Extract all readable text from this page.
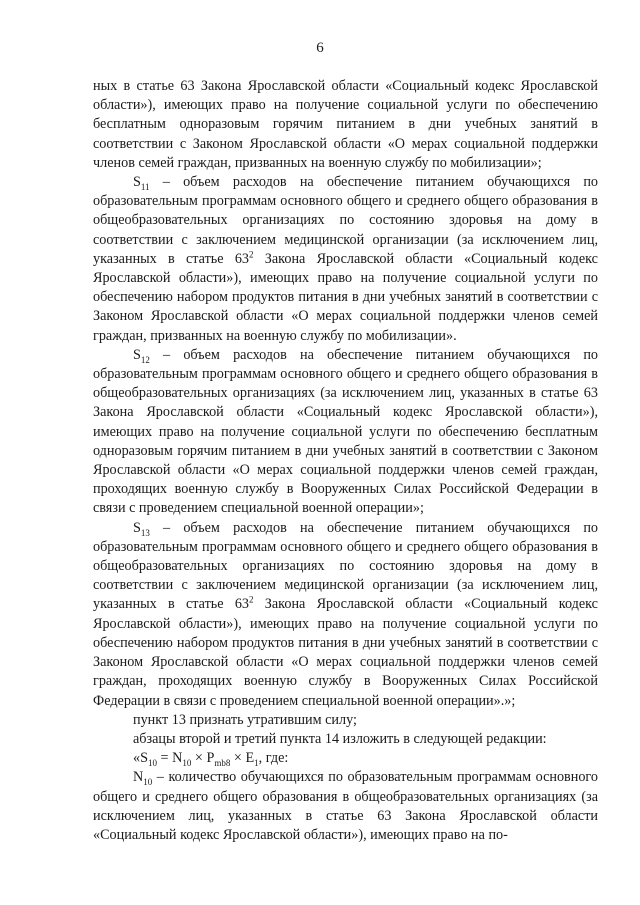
6

ных в статье 63 Закона Ярославской области «Социальный кодекс Ярославской области»), имеющих право на получение социальной услуги по обеспечению бесплатным одноразовым горячим питанием в дни учебных занятий в соответствии с Законом Ярославской области «О мерах социальной поддержки членов семей граждан, призванных на военную службу по мобилизации»;

$S_{11}$ – объем расходов на обеспечение питанием обучающихся по образовательным программам основного общего и среднего общего образования в общеобразовательных организациях по состоянию здоровья на дому в соответствии с заключением медицинской организации (за исключением лиц, указанных в статье $63^2$ Закона Ярославской области «Социальный кодекс Ярославской области»), имеющих право на получение социальной услуги по обеспечению набором продуктов питания в дни учебных занятий в соответствии с Законом Ярославской области «О мерах социальной поддержки членов семей граждан, призванных на военную службу по мобилизации».

$S_{12}$ – объем расходов на обеспечение питанием обучающихся по образовательным программам основного общего и среднего общего образования в общеобразовательных организациях (за исключением лиц, указанных в статье 63 Закона Ярославской области «Социальный кодекс Ярославской области»), имеющих право на получение социальной услуги по обеспечению бесплатным одноразовым горячим питанием в дни учебных занятий в соответствии с Законом Ярославской области «О мерах социальной поддержки членов семей граждан, проходящих военную службу в Вооруженных Силах Российской Федерации в связи с проведением специальной военной операции»;

$S_{13}$ – объем расходов на обеспечение питанием обучающихся по образовательным программам основного общего и среднего общего образования в общеобразовательных организациях по состоянию здоровья на дому в соответствии с заключением медицинской организации (за исключением лиц, указанных в статье $63^2$ Закона Ярославской области «Социальный кодекс Ярославской области»), имеющих право на получение социальной услуги по обеспечению набором продуктов питания в дни учебных занятий в соответствии с Законом Ярославской области «О мерах социальной поддержки членов семей граждан, проходящих военную службу в Вооруженных Силах Российской Федерации в связи с проведением специальной военной операции».»;

пункт 13 признать утратившим силу;

абзацы второй и третий пункта 14 изложить в следующей редакции:

«$S_{10} = N_{10} \times P_{mb8} \times E_1$, где:

$N_{10}$ – количество обучающихся по образовательным программам основного общего и среднего общего образования в общеобразовательных организациях (за исключением лиц, указанных в статье 63 Закона Ярославской области «Социальный кодекс Ярославской области»), имеющих право на по-
